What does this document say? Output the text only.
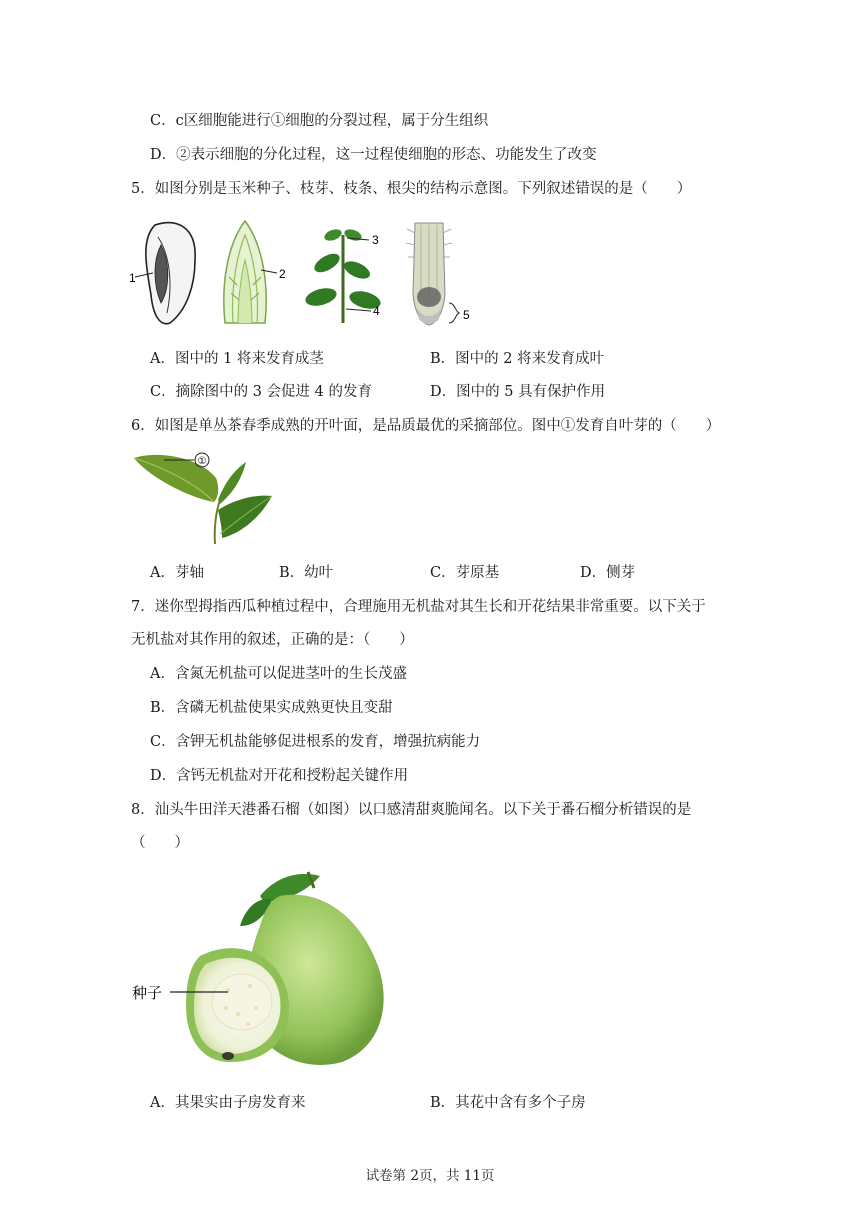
C．c区细胞能进行①细胞的分裂过程，属于分生组织
D．②表示细胞的分化过程，这一过程使细胞的形态、功能发生了改变
5．如图分别是玉米种子、枝芽、枝条、根尖的结构示意图。下列叙述错误的是（　　）
1	2
3
4	5
A．图中的 1 将来发育成茎	B．图中的 2 将来发育成叶
C．摘除图中的 3 会促进 4 的发育	D．图中的 5 具有保护作用
6．如图是单丛茶春季成熟的开叶面，是品质最优的采摘部位。图中①发育自叶芽的（　　）
①
A．芽轴	B．幼叶	C．芽原基	D．侧芽
7．迷你型拇指西瓜种植过程中，合理施用无机盐对其生长和开花结果非常重要。以下关于
无机盐对其作用的叙述，正确的是：（　　）
A．含氮无机盐可以促进茎叶的生长茂盛
B．含磷无机盐使果实成熟更快且变甜
C．含钾无机盐能够促进根系的发育，增强抗病能力
D．含钙无机盐对开花和授粉起关键作用
8．汕头牛田洋天港番石榴（如图）以口感清甜爽脆闻名。以下关于番石榴分析错误的是
（　　）
种子
A．其果实由子房发育来	B．其花中含有多个子房
试卷第 2页，共 11页
